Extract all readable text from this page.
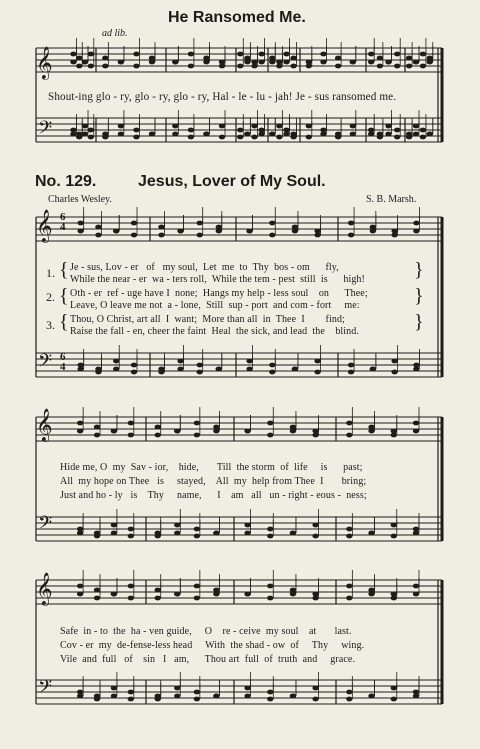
He Ransomed Me.
ad lib.
Shout-ing glo - ry, glo - ry, glo - ry, Hal - le - lu - jah! Je - sus ransomed me.
No. 129.	Jesus, Lover of My Soul.
Charles Wesley.	S. B. Marsh.
1.
2.
3.
{
{
{
}
}
}
Je - sus, Lov - er   of   my soul,  Let  me  to  Thy  bos - om      fly,
While the near - er  wa - ters roll,  While the tem - pest  still  is      high!
Oth - er  ref - uge have I  none;  Hangs my help - less soul    on      Thee;
Leave, O leave me not  a - lone,  Still  sup - port  and com - fort     me:
Thou, O Christ, art all  I  want;  More than all  in  Thee  I        find;
Raise the fall - en, cheer the faint  Heal  the sick, and lead  the    blind.
Hide me, O  my  Sav - ior,    hide,       Till  the storm  of  life     is      past;
All  my hope on Thee   is     stayed,    All  my  help from Thee  I       bring;
Just and ho - ly   is    Thy     name,      I    am   all   un - right - eous -  ness;
Safe  in - to  the  ha - ven guide,     O    re - ceive  my soul    at       last.
Cov - er  my  de-fense-less head     With  the shad - ow  of     Thy     wing.
Vile  and  full   of    sin   I   am,      Thou art  full  of  truth  and     grace.
𝄞
𝄢
𝄞 6
4
𝄢 6
4
𝄞
𝄢
𝄞
𝄢
